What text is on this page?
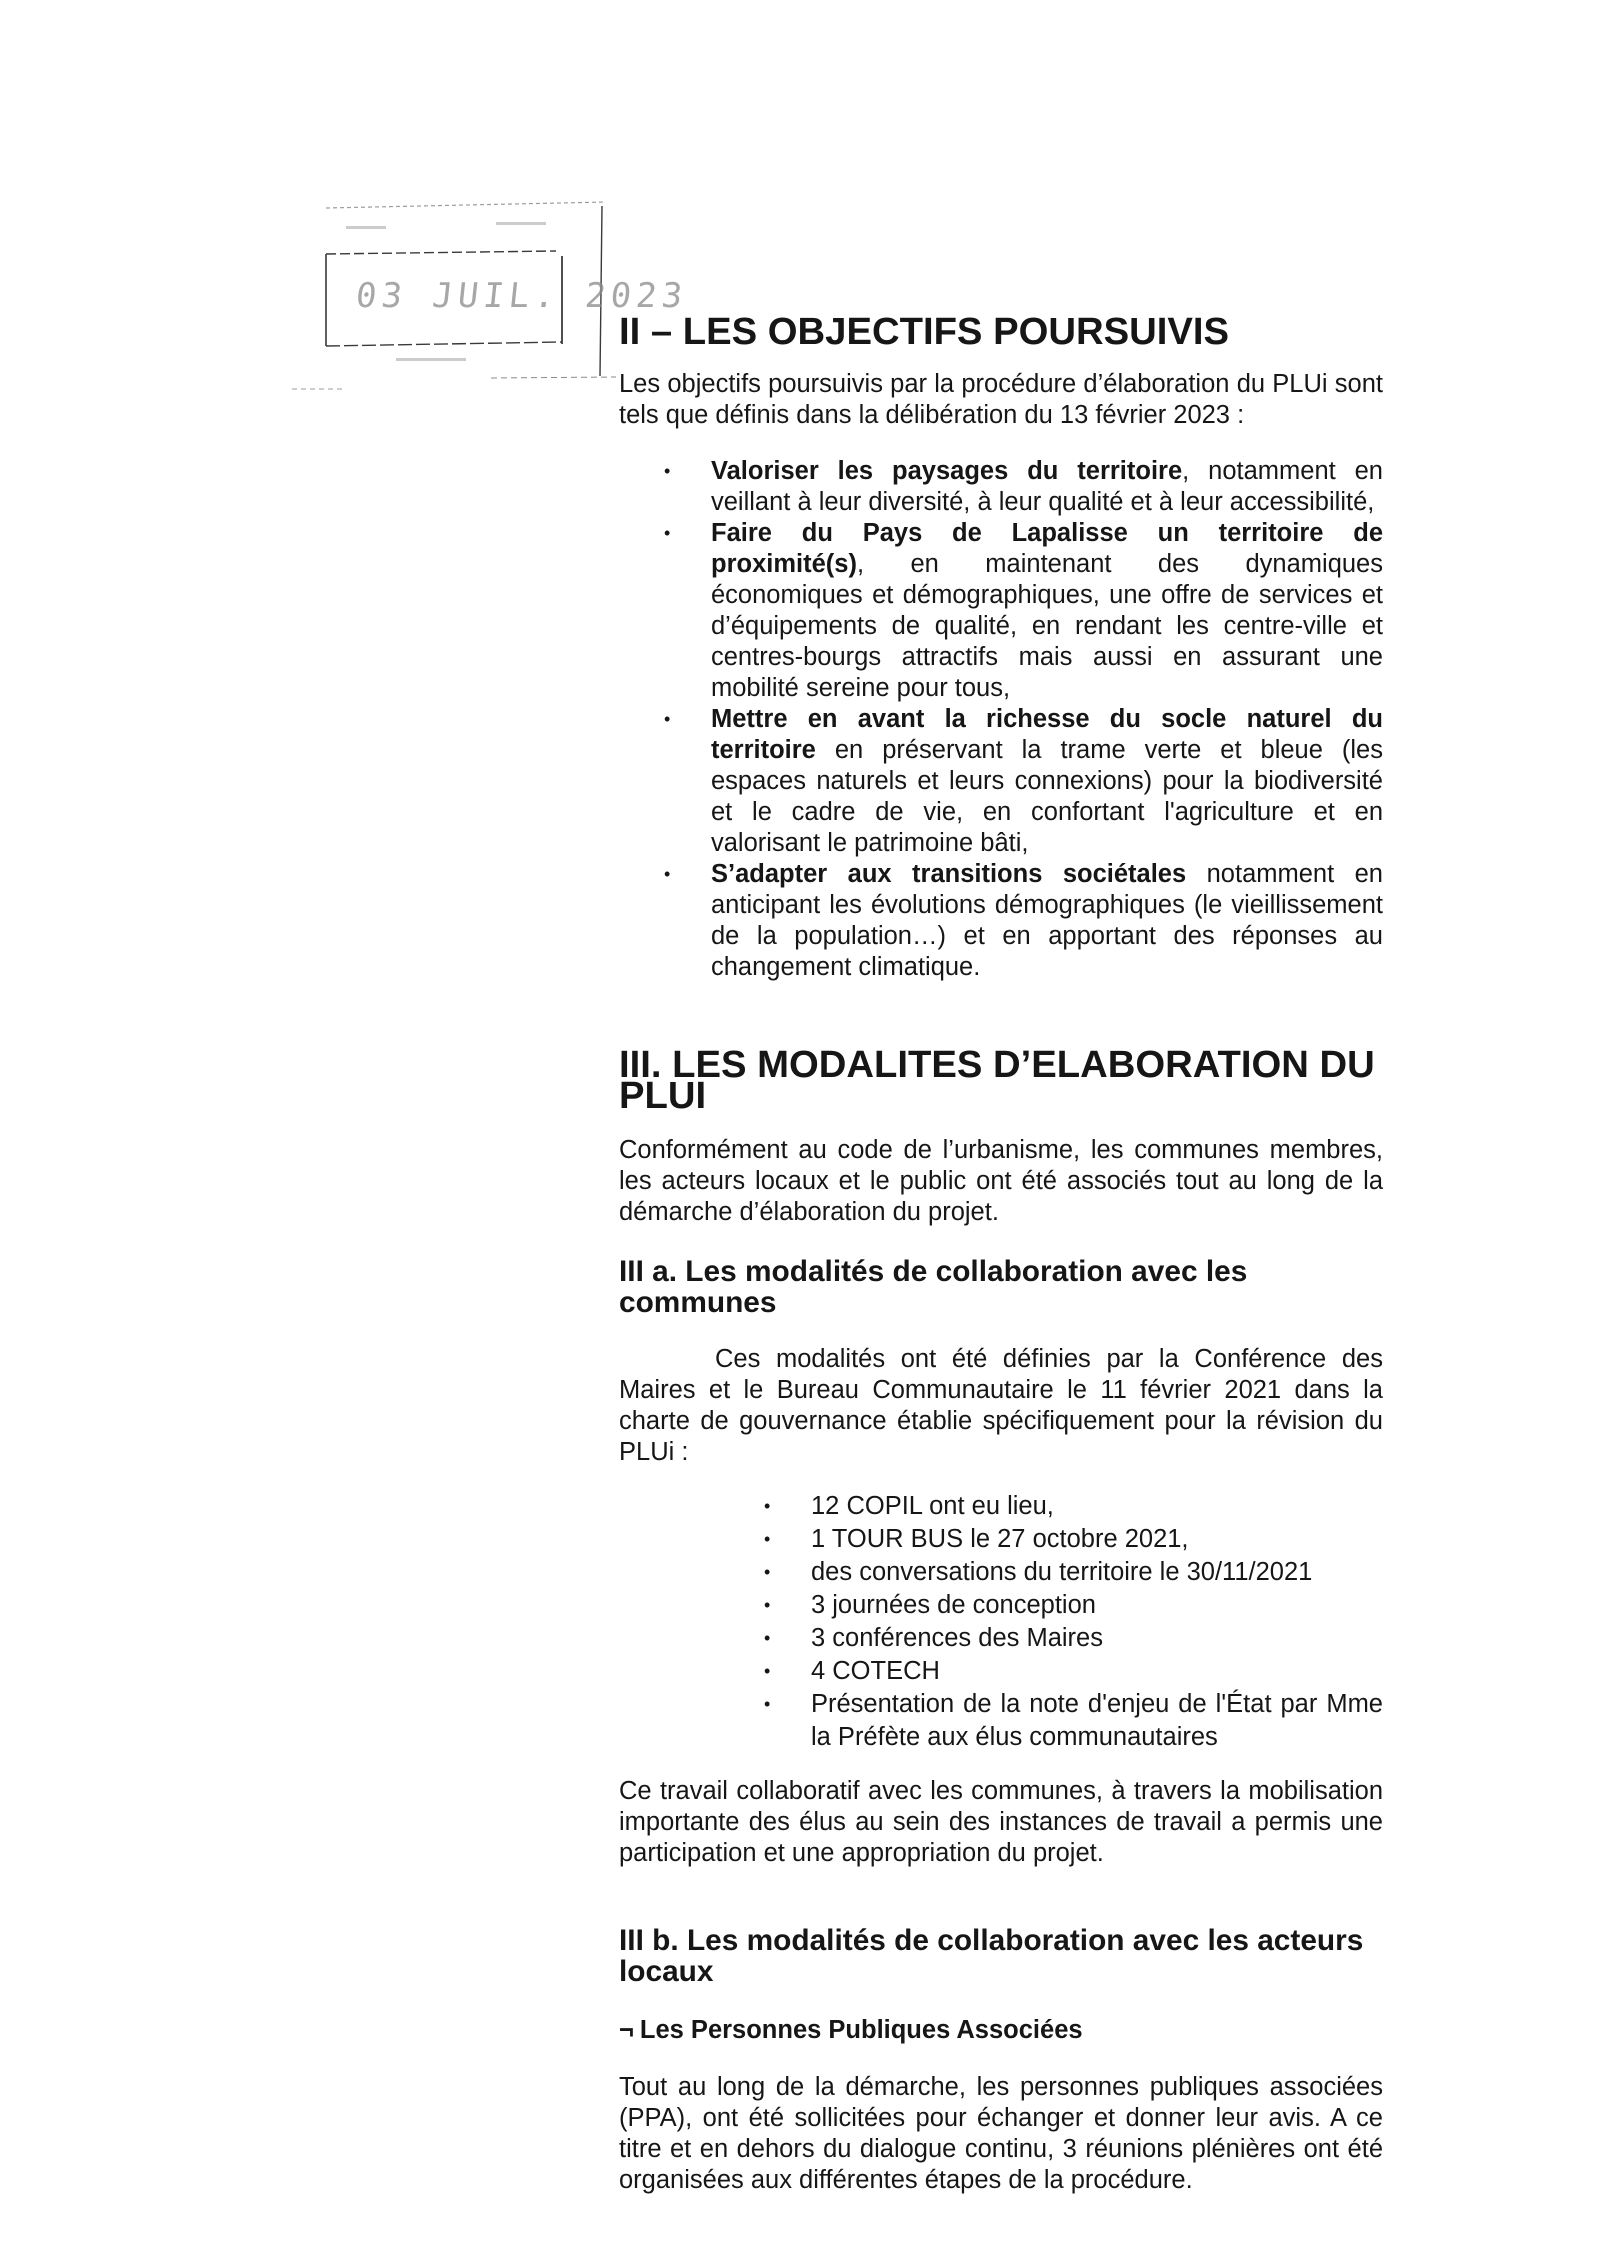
03 JUIL. 2023
II – LES OBJECTIFS POURSUIVIS

Les objectifs poursuivis par la procédure d’élaboration du PLUi sont tels que définis dans la délibération du 13 février 2023 :

• Valoriser les paysages du territoire, notamment en veillant à leur diversité, à leur qualité et à leur accessibilité,
• Faire du Pays de Lapalisse un territoire de proximité(s), en maintenant des dynamiques économiques et démographiques, une offre de services et d’équipements de qualité, en rendant les centre-ville et centres-bourgs attractifs mais aussi en assurant une mobilité sereine pour tous,
• Mettre en avant la richesse du socle naturel du territoire en préservant la trame verte et bleue (les espaces naturels et leurs connexions) pour la biodiversité et le cadre de vie, en confortant l'agriculture et en valorisant le patrimoine bâti,
• S’adapter aux transitions sociétales notamment en anticipant les évolutions démographiques (le vieillissement de la population…) et en apportant des réponses au changement climatique.
III. LES MODALITES D’ELABORATION DU PLUI

Conformément au code de l’urbanisme, les communes membres, les acteurs locaux et le public ont été associés tout au long de la démarche d’élaboration du projet.

III a. Les modalités de collaboration avec les communes

Ces modalités ont été définies par la Conférence des Maires et le Bureau Communautaire le 11 février 2021 dans la charte de gouvernance établie spécifiquement pour la révision du PLUi :

• 12 COPIL ont eu lieu,
• 1 TOUR BUS le 27 octobre 2021,
• des conversations du territoire le 30/11/2021
• 3 journées de conception
• 3 conférences des Maires
• 4 COTECH
• Présentation de la note d'enjeu de l'État par Mme la Préfète aux élus communautaires

Ce travail collaboratif avec les communes, à travers la mobilisation importante des élus au sein des instances de travail a permis une participation et une appropriation du projet.

III b. Les modalités de collaboration avec les acteurs locaux
¬ Les Personnes Publiques Associées

Tout au long de la démarche, les personnes publiques associées (PPA), ont été sollicitées pour échanger et donner leur avis. A ce titre et en dehors du dialogue continu, 3 réunions plénières ont été organisées aux différentes étapes de la procédure.
